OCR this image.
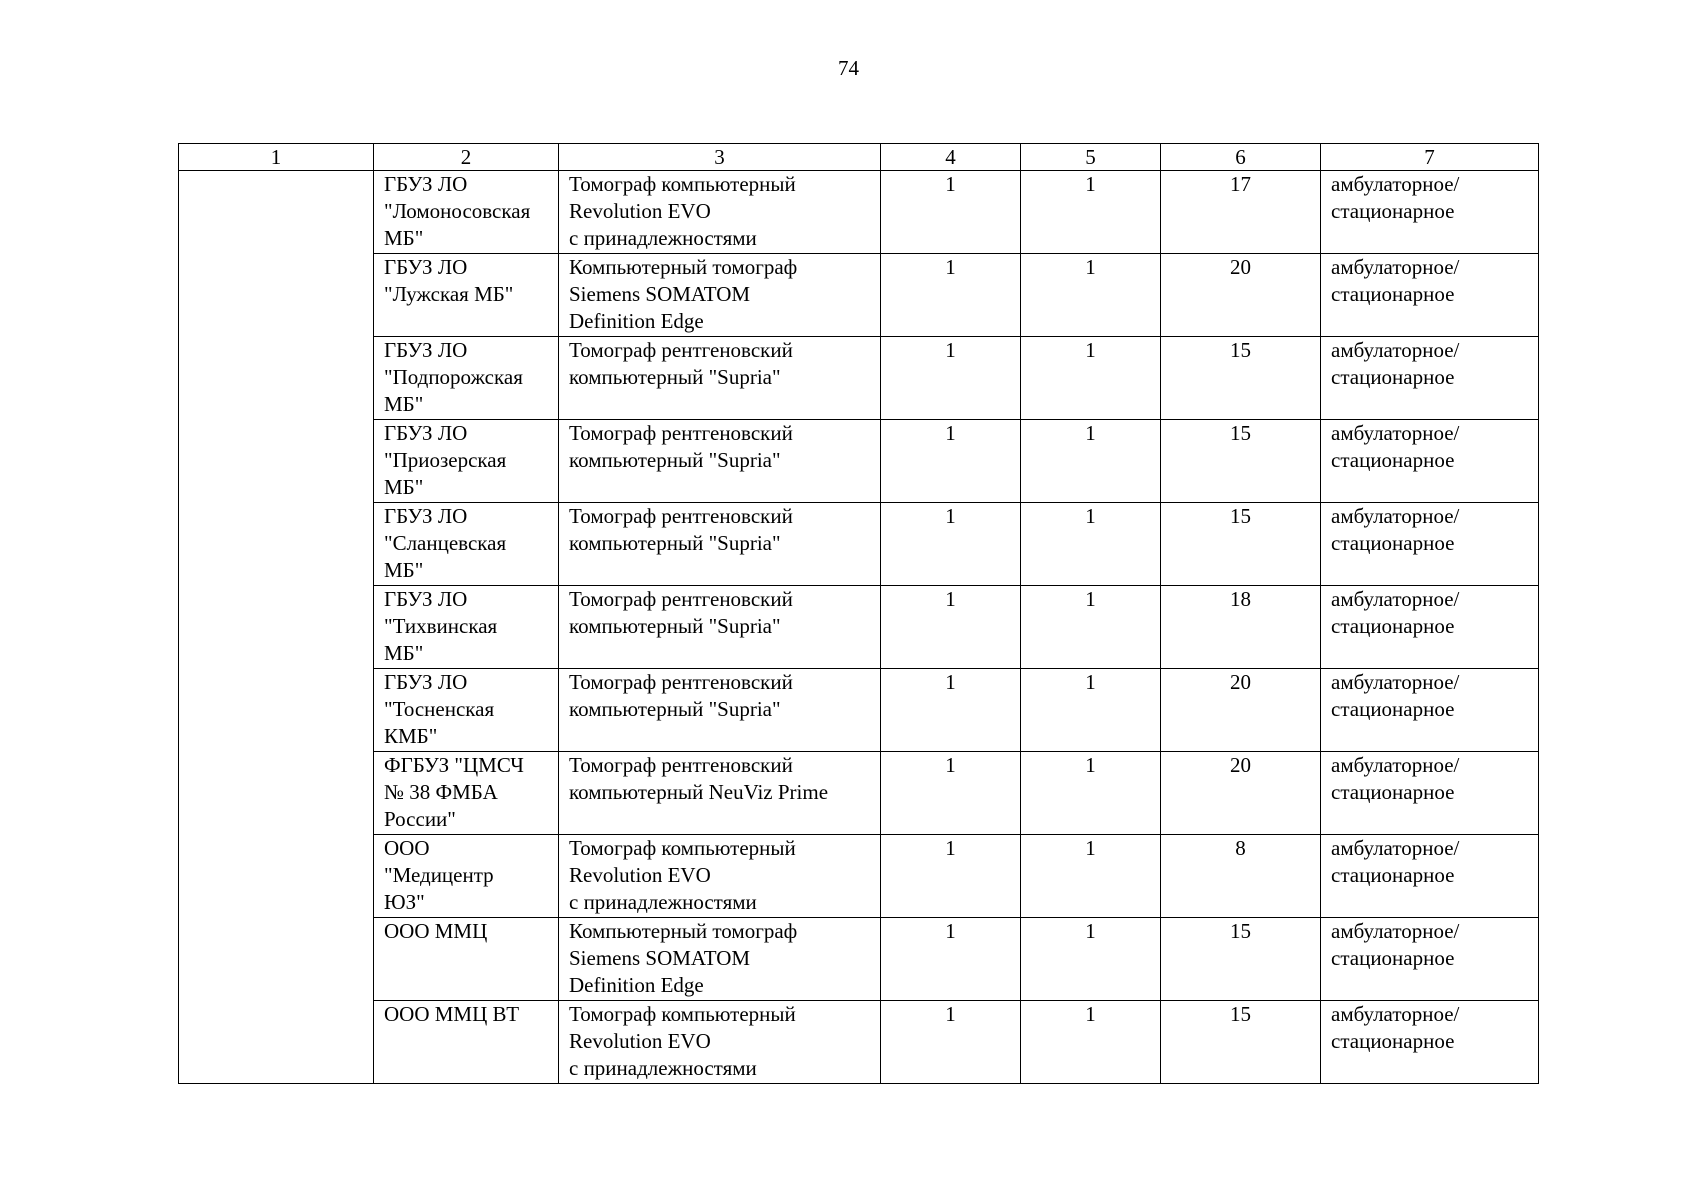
74
1	2	3	4	5	6	7

	ГБУЗ ЛО
"Ломоносовская
МБ"	Томограф компьютерный
Revolution EVO
с принадлежностями	1	1	17	амбулаторное/
стационарное

	ГБУЗ ЛО
"Лужская МБ"	Компьютерный томограф
Siemens SOMATOM
Definition Edge	1	1	20	амбулаторное/
стационарное

	ГБУЗ ЛО
"Подпорожская
МБ"	Томограф рентгеновский
компьютерный "Supria"	1	1	15	амбулаторное/
стационарное

	ГБУЗ ЛО
"Приозерская
МБ"	Томограф рентгеновский
компьютерный "Supria"	1	1	15	амбулаторное/
стационарное

	ГБУЗ ЛО
"Сланцевская
МБ"	Томограф рентгеновский
компьютерный "Supria"	1	1	15	амбулаторное/
стационарное

	ГБУЗ ЛО
"Тихвинская
МБ"	Томограф рентгеновский
компьютерный "Supria"	1	1	18	амбулаторное/
стационарное

	ГБУЗ ЛО
"Тосненская
КМБ"	Томограф рентгеновский
компьютерный "Supria"	1	1	20	амбулаторное/
стационарное

	ФГБУЗ "ЦМСЧ
№ 38 ФМБА
России"	Томограф рентгеновский
компьютерный NeuViz Prime	1	1	20	амбулаторное/
стационарное

	ООО
"Медицентр
ЮЗ"	Томограф компьютерный
Revolution EVO
с принадлежностями	1	1	8	амбулаторное/
стационарное

	ООО ММЦ	Компьютерный томограф
Siemens SOMATOM
Definition Edge	1	1	15	амбулаторное/
стационарное

	ООО ММЦ ВТ	Томограф компьютерный
Revolution EVO
с принадлежностями	1	1	15	амбулаторное/
стационарное
